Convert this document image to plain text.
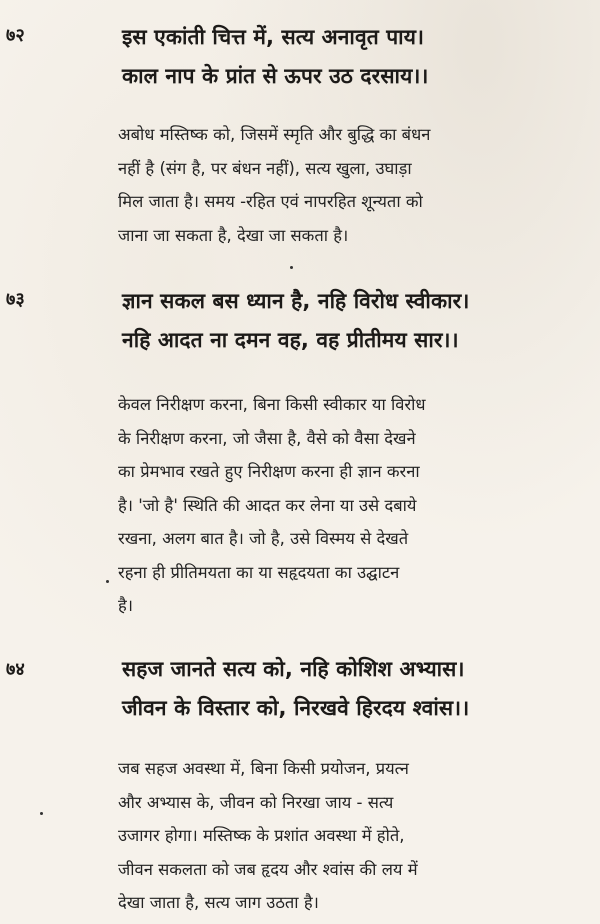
७२	इस एकांती चित्त में, सत्य अनावृत पाय।
काल नाप के प्रांत से ऊपर उठ दरसाय।।
अबोध मस्तिष्क को, जिसमें स्मृति और बुद्धि का बंधन
नहीं है (संग है, पर बंधन नहीं), सत्य खुला, उघाड़ा
मिल जाता है। समय -रहित एवं नापरहित शून्यता को
जाना जा सकता है, देखा जा सकता है।
७३	ज्ञान सकल बस ध्यान है, नहि विरोध स्वीकार।
नहि आदत ना दमन वह, वह प्रीतीमय सार।।
केवल निरीक्षण करना, बिना किसी स्वीकार या विरोध
के निरीक्षण करना, जो जैसा है, वैसे को वैसा देखने
का प्रेमभाव रखते हुए निरीक्षण करना ही ज्ञान करना
है। 'जो है' स्थिति की आदत कर लेना या उसे दबाये
रखना, अलग बात है। जो है, उसे विस्मय से देखते
रहना ही प्रीतिमयता का या सहृदयता का उद्घाटन
है।
७४	सहज जानते सत्य को, नहि कोशिश अभ्यास।
जीवन के विस्तार को, निरखवे हिरदय श्वांस।।
जब सहज अवस्था में, बिना किसी प्रयोजन, प्रयत्न
और अभ्यास के, जीवन को निरखा जाय - सत्य
उजागर होगा। मस्तिष्क के प्रशांत अवस्था में होते,
जीवन सकलता को जब हृदय और श्वांस की लय में
देखा जाता है, सत्य जाग उठता है।
